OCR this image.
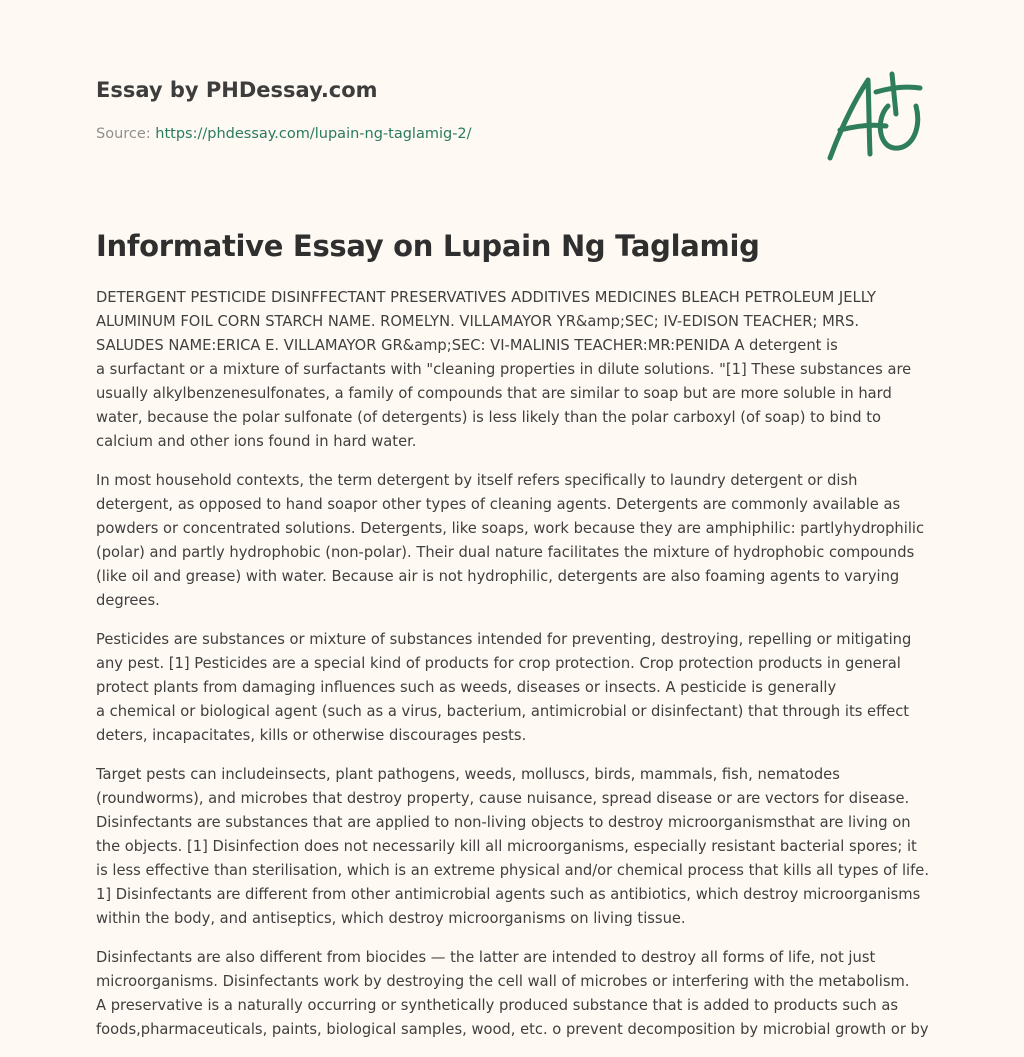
Essay by PHDessay.com

Source: https://phdessay.com/lupain-ng-taglamig-2/
Informative Essay on Lupain Ng Taglamig

DETERGENT PESTICIDE DISINFFECTANT PRESERVATIVES ADDITIVES MEDICINES BLEACH PETROLEUM JELLY ALUMINUM FOIL CORN STARCH NAME. ROMELYN. VILLAMAYOR YR&amp;SEC; IV-EDISON TEACHER; MRS. SALUDES NAME:ERICA E. VILLAMAYOR GR&amp;SEC: VI-MALINIS TEACHER:MR:PENIDA A detergent is
a surfactant or a mixture of surfactants with "cleaning properties in dilute solutions. "[1] These substances are usually alkylbenzenesulfonates, a family of compounds that are similar to soap but are more soluble in hard water, because the polar sulfonate (of detergents) is less likely than the polar carboxyl (of soap) to bind to calcium and other ions found in hard water.

In most household contexts, the term detergent by itself refers specifically to laundry detergent or dish detergent, as opposed to hand soapor other types of cleaning agents. Detergents are commonly available as powders or concentrated solutions. Detergents, like soaps, work because they are amphiphilic: partlyhydrophilic (polar) and partly hydrophobic (non-polar). Their dual nature facilitates the mixture of hydrophobic compounds (like oil and grease) with water. Because air is not hydrophilic, detergents are also foaming agents to varying degrees.

Pesticides are substances or mixture of substances intended for preventing, destroying, repelling or mitigating any pest. [1] Pesticides are a special kind of products for crop protection. Crop protection products in general protect plants from damaging influences such as weeds, diseases or insects. A pesticide is generally
a chemical or biological agent (such as a virus, bacterium, antimicrobial or disinfectant) that through its effect deters, incapacitates, kills or otherwise discourages pests.

Target pests can includeinsects, plant pathogens, weeds, molluscs, birds, mammals, fish, nematodes (roundworms), and microbes that destroy property, cause nuisance, spread disease or are vectors for disease. Disinfectants are substances that are applied to non-living objects to destroy microorganismsthat are living on the objects. [1] Disinfection does not necessarily kill all microorganisms, especially resistant bacterial spores; it is less effective than sterilisation, which is an extreme physical and/or chemical process that kills all types of life.
1] Disinfectants are different from other antimicrobial agents such as antibiotics, which destroy microorganisms within the body, and antiseptics, which destroy microorganisms on living tissue.

Disinfectants are also different from biocides — the latter are intended to destroy all forms of life, not just microorganisms. Disinfectants work by destroying the cell wall of microbes or interfering with the metabolism.
A preservative is a naturally occurring or synthetically produced substance that is added to products such as foods,pharmaceuticals, paints, biological samples, wood, etc. o prevent decomposition by microbial growth or by
